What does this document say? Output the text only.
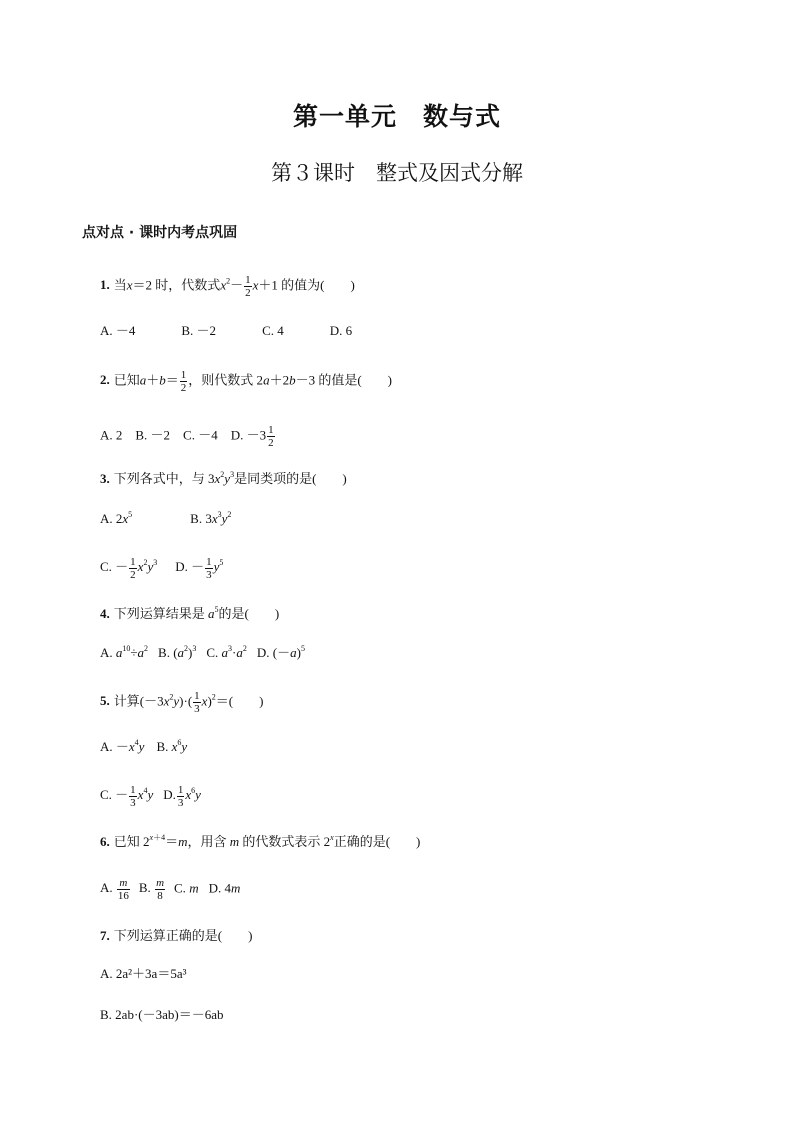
第一单元　数与式
第３课时　整式及因式分解
点对点 · 课时内考点巩固
1. 当x＝2 时，代数式$x^2- \frac{1}{2} x+1$ 的值为(　　)
A. －4	B. －2	C. 4	D. 6
2. 已知$a+b= \frac{1}{2}$ ，则代数式 2a＋2b－3 的值是(　　)
A. 2　B. －2　C. －4　D. $-3 \frac{1}{2}$
3. 下列各式中，与 $3x^2y^3$是同类项的是(　　)
A. $2x^5$	B. $3x^3y^2$
C. － $\frac{1}{2} x^2y^3$ D. － $\frac{1}{3} y^5$
4. 下列运算结果是 $a^5$的是(　　)
A. $a^{10}\div a^2$ B. $(a^2)^3$ C. $a^3\cdot a^2$ D. $(-a)^5$
5. 计算$(-3x^2y)\cdot( \frac{1}{3} x)^2=$(　　)
A. $-x^4y$ B. $x^6y$
C. － $\frac{1}{3} x^4y$ D. $\frac{1}{3} x^6y$
6. 已知 $2^{x+4}=m$，用含 m 的代数式表示 2$^x$正确的是(　　)
A. $\frac{m}{16} B$. $\frac{m}{8} C$. m D. 4m
7. 下列运算正确的是(　　)
A. 2a²＋3a＝5a³
B. 2ab·(－3ab)＝－6ab
